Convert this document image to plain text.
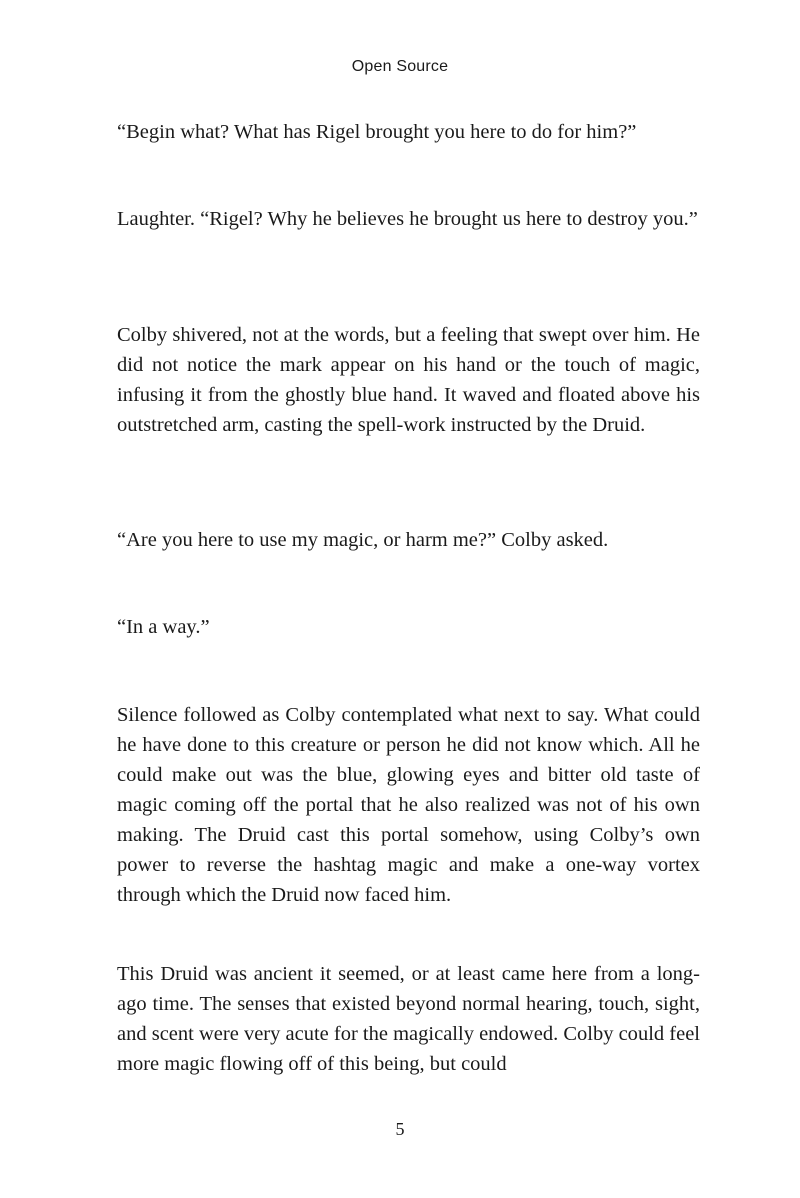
Open Source

“Begin what? What has Rigel brought you here to do for him?”

Laughter. “Rigel? Why he believes he brought us here to destroy you.”

Colby shivered, not at the words, but a feeling that swept over him. He did not notice the mark appear on his hand or the touch of magic, infusing it from the ghostly blue hand. It waved and floated above his outstretched arm, casting the spell-work instructed by the Druid.

“Are you here to use my magic, or harm me?” Colby asked.

“In a way.”

Silence followed as Colby contemplated what next to say. What could he have done to this creature or person he did not know which. All he could make out was the blue, glowing eyes and bitter old taste of magic coming off the portal that he also realized was not of his own making. The Druid cast this portal somehow, using Colby’s own power to reverse the hashtag magic and make a one-way vortex through which the Druid now faced him.

This Druid was ancient it seemed, or at least came here from a long-ago time. The senses that existed beyond normal hearing, touch, sight, and scent were very acute for the magically endowed. Colby could feel more magic flowing off of this being, but could

5
